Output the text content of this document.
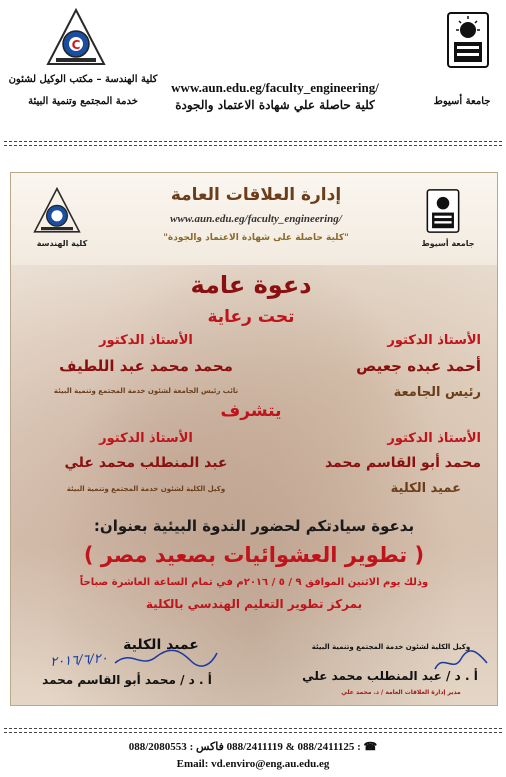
C
كلية الهندسة – مكتب الوكيل لشئون
خدمة المجتمع وتنمية البيئة
www.aun.edu.eg/faculty_engineering/
كلية حاصلة علي شهادة الاعتماد والجودة	جامعة أسيوط
كلية الهندسة
إدارة العلاقات العامة
www.aun.edu.eg/faculty_engineering/
"كلية حاصلة على شهادة الاعتماد والجودة"
جامعة أسيوط
دعوة عامة
تحت رعاية
الأستاذ الدكتور
أحمد عبده جعيص
رئيس الجامعة
الأستاذ الدكتور
محمد محمد عبد اللطيف
نائب رئيس الجامعة لشئون خدمة المجتمع وتنمية البيئة
يتشرف
الأستاذ الدكتور
محمد أبو القاسم محمد
عميد الكلية
الأستاذ الدكتور
عبد المنطلب محمد علي
وكيل الكلية لشئون خدمة المجتمع وتنمية البيئة
بدعوة سيادتكم لحضور الندوة البيئية بعنوان:
( تطوير العشوائيات بصعيد مصر )
وذلك يوم الاثنين الموافق ٩ / ٥ / ٢٠١٦م في تمام الساعة العاشرة صباحاً
بمركز تطوير التعليم الهندسي بالكلية
عميد الكلية
٢٠١٦/٦/٢٠
أ . د / محمد أبو القاسم محمد
وكيل الكلية لشئون خدمة المجتمع وتنمية البيئة
أ . د / عبد المنطلب محمد علي
مدير إدارة العلاقات العامة / د. محمد علي
☎ : 088/2411125 & 088/2411119 فاكس : 088/2080553
Email: vd.enviro@eng.au.edu.eg
